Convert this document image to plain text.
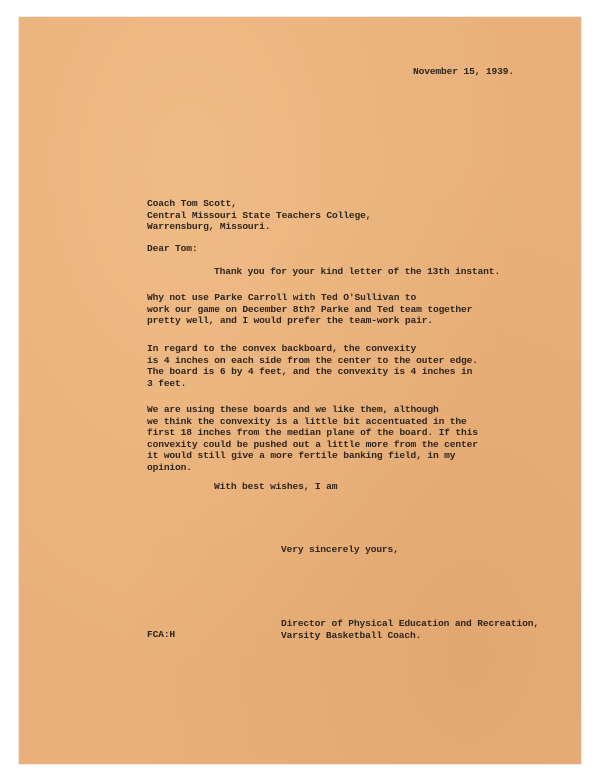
November 15, 1939.

Coach Tom Scott,
Central Missouri State Teachers College,
Warrensburg, Missouri.

Dear Tom:

Thank you for your kind letter of the 13th instant.

Why not use Parke Carroll with Ted O'Sullivan to
work our game on December 8th? Parke and Ted team together
pretty well, and I would prefer the team-work pair.
In regard to the convex backboard, the convexity
is 4 inches on each side from the center to the outer edge.
The board is 6 by 4 feet, and the convexity is 4 inches in
3 feet.
We are using these boards and we like them, although
we think the convexity is a little bit accentuated in the
first 18 inches from the median plane of the board. If this
convexity could be pushed out a little more from the center
it would still give a more fertile banking field, in my
opinion.

With best wishes, I am

Very sincerely yours,

Director of Physical Education and Recreation,
Varsity Basketball Coach.

FCA:H
